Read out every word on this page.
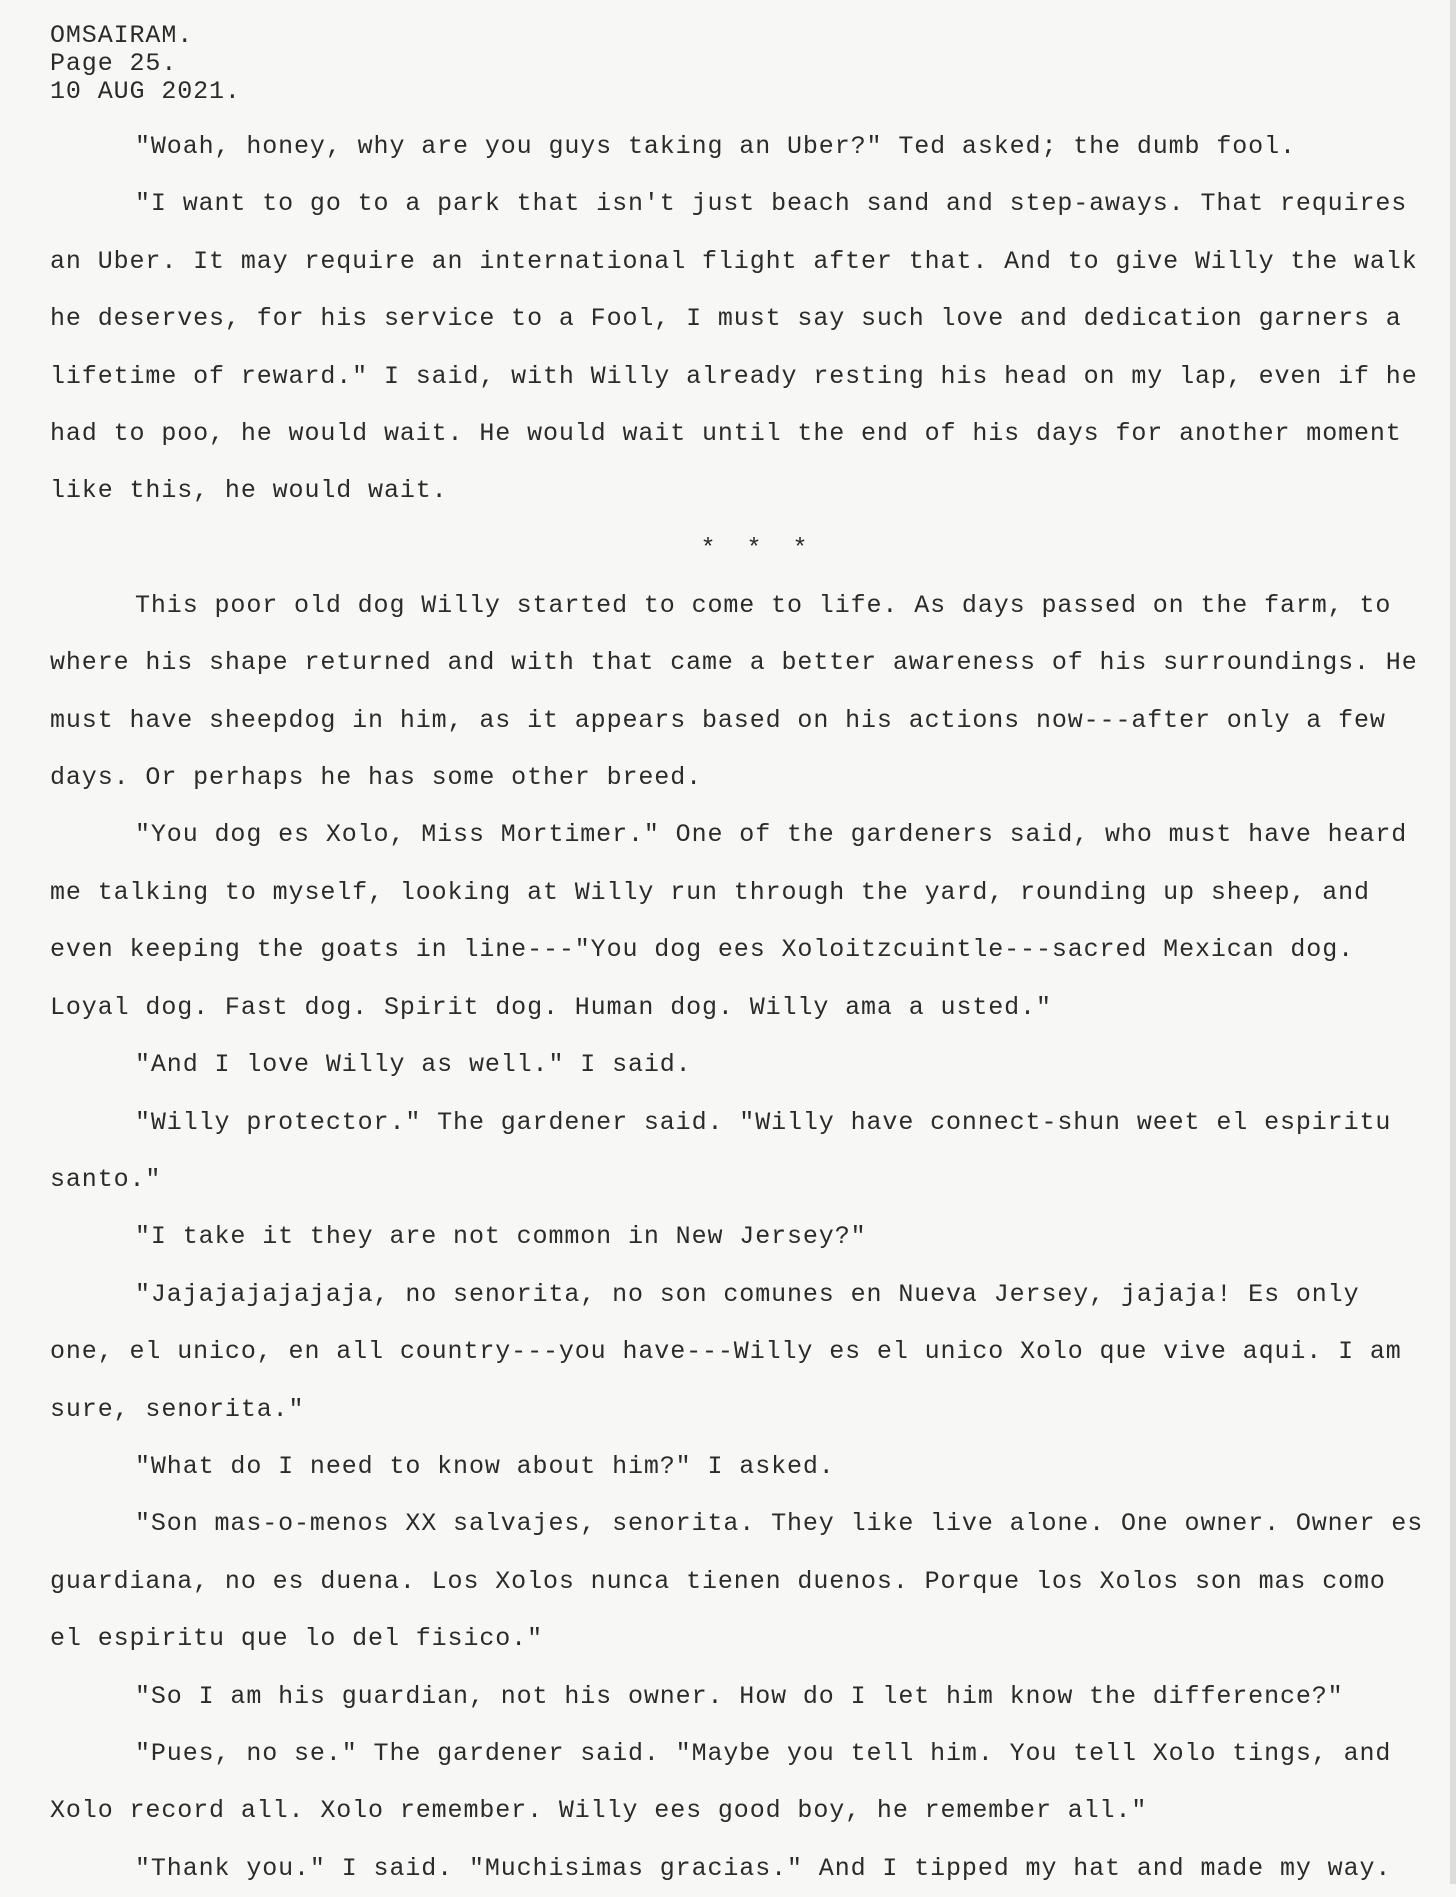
OMSAIRAM.
Page 25.
10 AUG 2021.

"Woah, honey, why are you guys taking an Uber?" Ted asked; the dumb fool.

"I want to go to a park that isn't just beach sand and step-aways. That requires an Uber. It may require an international flight after that. And to give Willy the walk he deserves, for his service to a Fool, I must say such love and dedication garners a lifetime of reward." I said, with Willy already resting his head on my lap, even if he had to poo, he would wait. He would wait until the end of his days for another moment like this, he would wait.

* * *

This poor old dog Willy started to come to life. As days passed on the farm, to where his shape returned and with that came a better awareness of his surroundings. He must have sheepdog in him, as it appears based on his actions now---after only a few days. Or perhaps he has some other breed.

"You dog es Xolo, Miss Mortimer." One of the gardeners said, who must have heard me talking to myself, looking at Willy run through the yard, rounding up sheep, and even keeping the goats in line---"You dog ees Xoloitzcuintle---sacred Mexican dog. Loyal dog. Fast dog. Spirit dog. Human dog. Willy ama a usted."

"And I love Willy as well." I said.

"Willy protector." The gardener said. "Willy have connect-shun weet el espiritu santo."

"I take it they are not common in New Jersey?"

"Jajajajajajaja, no senorita, no son comunes en Nueva Jersey, jajaja! Es only one, el unico, en all country---you have---Willy es el unico Xolo que vive aqui. I am sure, senorita."

"What do I need to know about him?" I asked.

"Son mas-o-menos XX salvajes, senorita. They like live alone. One owner. Owner es guardiana, no es duena. Los Xolos nunca tienen duenos. Porque los Xolos son mas como el espiritu que lo del fisico."

"So I am his guardian, not his owner. How do I let him know the difference?"

"Pues, no se." The gardener said. "Maybe you tell him. You tell Xolo tings, and Xolo record all. Xolo remember. Willy ees good boy, he remember all."

"Thank you." I said. "Muchisimas gracias." And I tipped my hat and made my way.
